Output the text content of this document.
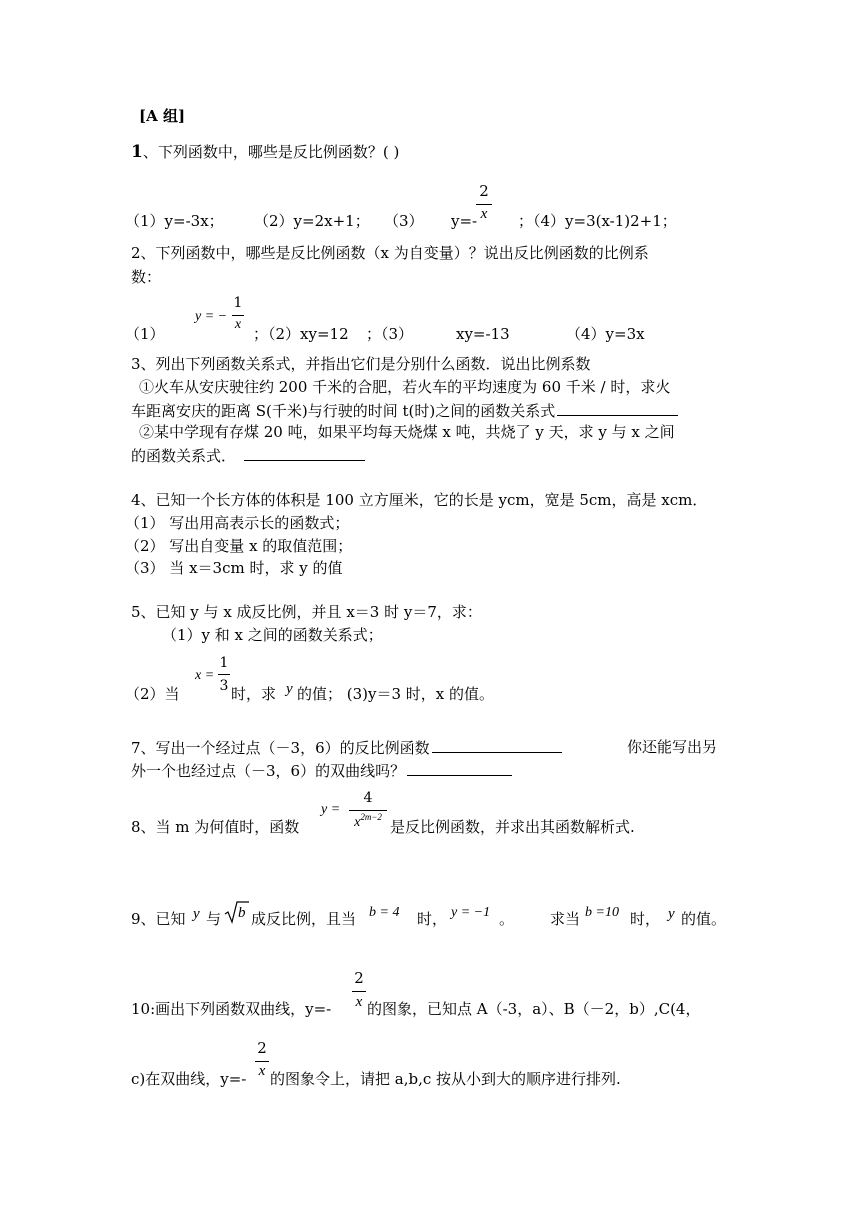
[A 组]
1、下列函数中，哪些是反比例函数？( )
（1）y=-3x； （2）y=2x+1； （3） y=-
2
x	；（4）y=3(x-1)2+1；
2、下列函数中，哪些是反比例函数（x 为自变量）？说出反比例函数的比例系
数：
（1）
y = −
1
x
；（2）xy=12 ；（3）	xy=-13	（4）y=3x
3、列出下列函数关系式，并指出它们是分别什么函数．说出比例系数
①火车从安庆驶往约 200 千米的合肥，若火车的平均速度为 60 千米 / 时，求火
车距离安庆的距离 S(千米)与行驶的时间 t(时)之间的函数关系式
②某中学现有存煤 20 吨，如果平均每天烧煤 x 吨，共烧了 y 天，求 y 与 x 之间
的函数关系式．
4、已知一个长方体的体积是 100 立方厘米，它的长是 ycm，宽是 5cm，高是 xcm．
（1） 写出用高表示长的函数式；
（2） 写出自变量 x 的取值范围；
（3） 当 x＝3cm 时，求 y 的值
5、已知 y 与 x 成反比例，并且 x＝3 时 y＝7，求：
（1）y 和 x 之间的函数关系式；
（2）当
x =
1
3 时，求 y 的值； (3)y＝3 时，x 的值。
7、写出一个经过点（－3，6）的反比例函数	你还能写出另
外一个也经过点（－3，6）的双曲线吗？
8、当 m 为何值时，函数
y =
4
$x^{2m-2}$
是反比例函数，并求出其函数解析式.
9、已知 y 与 b 成反比例，且当 b = 4 时， y = −1 。 求当 b =10 时， y 的值。
2
x
10:画出下列函数双曲线，y=- 的图象，已知点 A（-3，a）、B（－2，b）,C(4，
2
x
c)在双曲线，y=- 的图象令上，请把 a,b,c 按从小到大的顺序进行排列.
